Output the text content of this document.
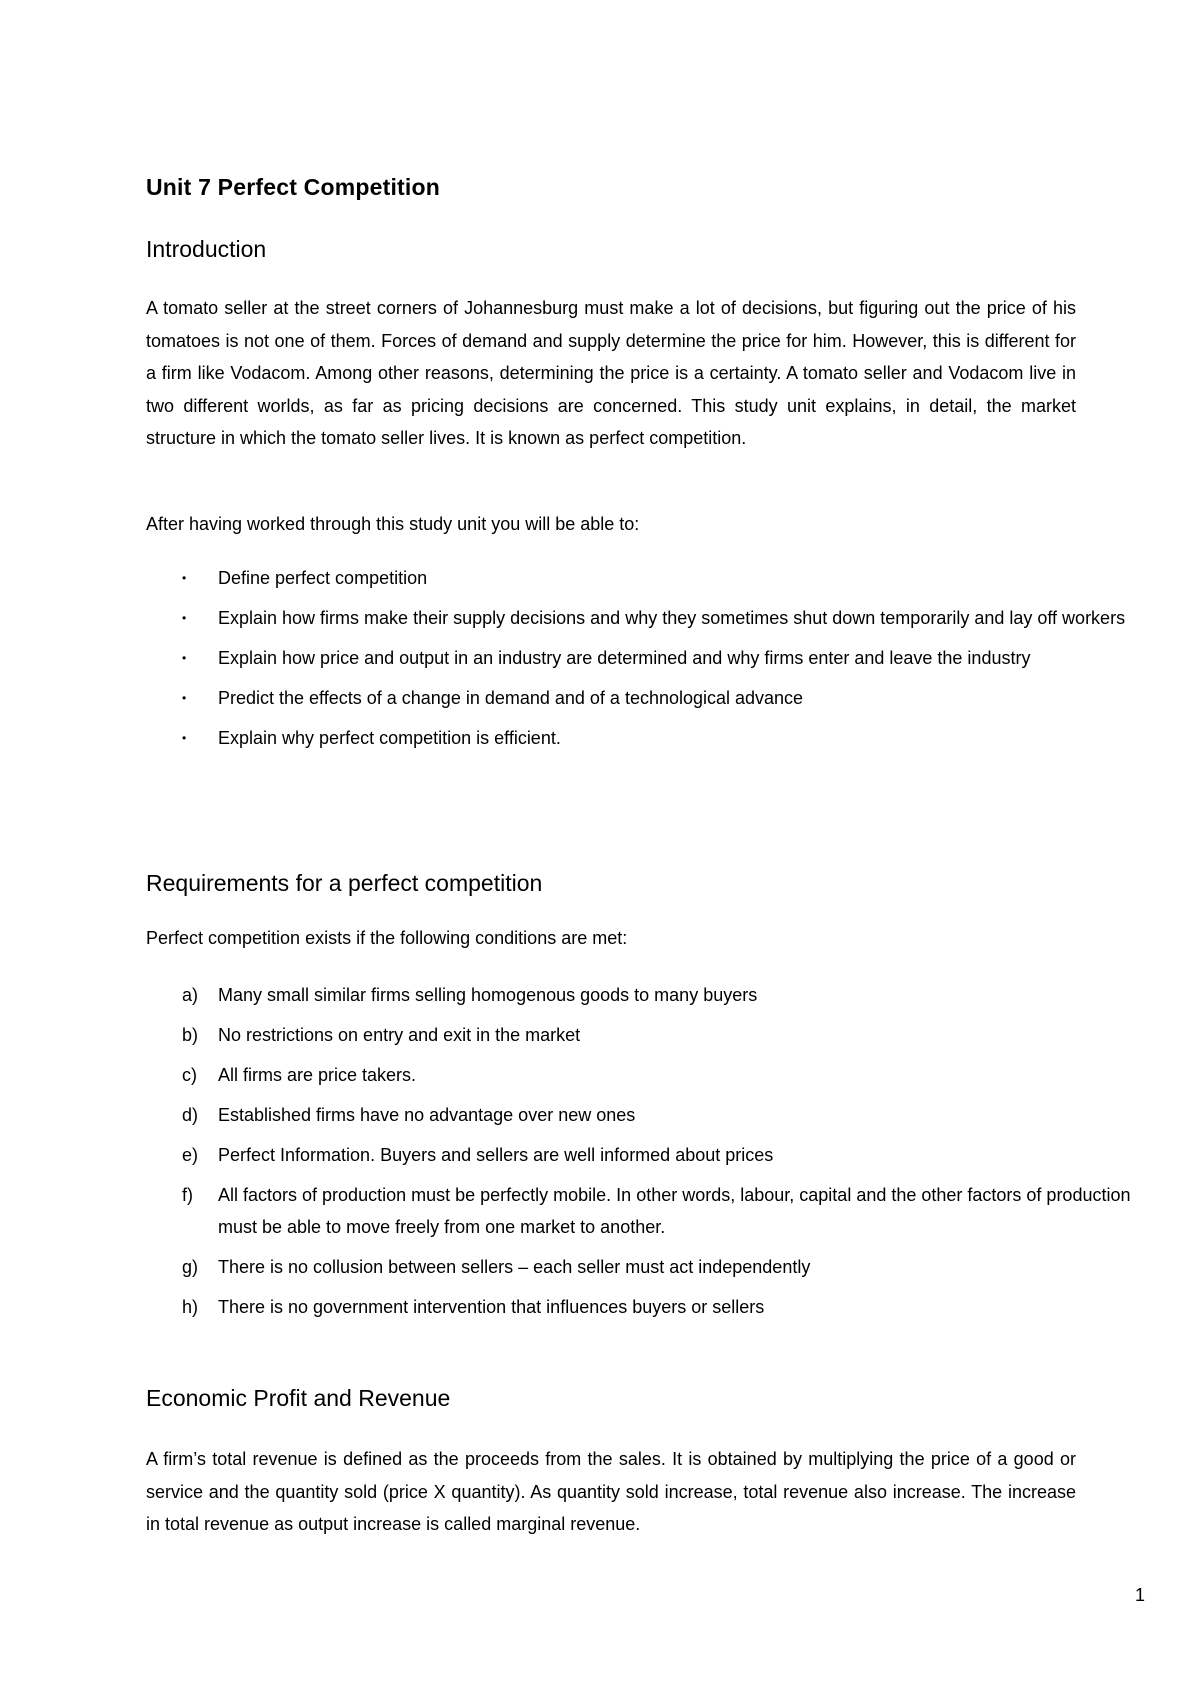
Unit 7 Perfect Competition
Introduction
A tomato seller at the street corners of Johannesburg must make a lot of decisions, but figuring out the price of his tomatoes is not one of them. Forces of demand and supply determine the price for him. However, this is different for a firm like Vodacom. Among other reasons, determining the price is a certainty. A tomato seller and Vodacom live in two different worlds, as far as pricing decisions are concerned. This study unit explains, in detail, the market structure in which the tomato seller lives. It is known as perfect competition.
After having worked through this study unit you will be able to:
•	Define perfect competition
•	Explain how firms make their supply decisions and why they sometimes shut down temporarily and lay off workers
•	Explain how price and output in an industry are determined and why firms enter and leave the industry
•	Predict the effects of a change in demand and of a technological advance
•	Explain why perfect competition is efficient.
Requirements for a perfect competition
Perfect competition exists if the following conditions are met:
a)	Many small similar firms selling homogenous goods to many buyers
b)	No restrictions on entry and exit in the market
c)	All firms are price takers.
d)	Established firms have no advantage over new ones
e)	Perfect Information. Buyers and sellers are well informed about prices
f)	All factors of production must be perfectly mobile. In other words, labour, capital and the other factors of production must be able to move freely from one market to another.
g)	There is no collusion between sellers – each seller must act independently
h)	There is no government intervention that influences buyers or sellers
Economic Profit and Revenue
A firm’s total revenue is defined as the proceeds from the sales. It is obtained by multiplying the price of a good or service and the quantity sold (price X quantity). As quantity sold increase, total revenue also increase. The increase in total revenue as output increase is called marginal revenue.
1
